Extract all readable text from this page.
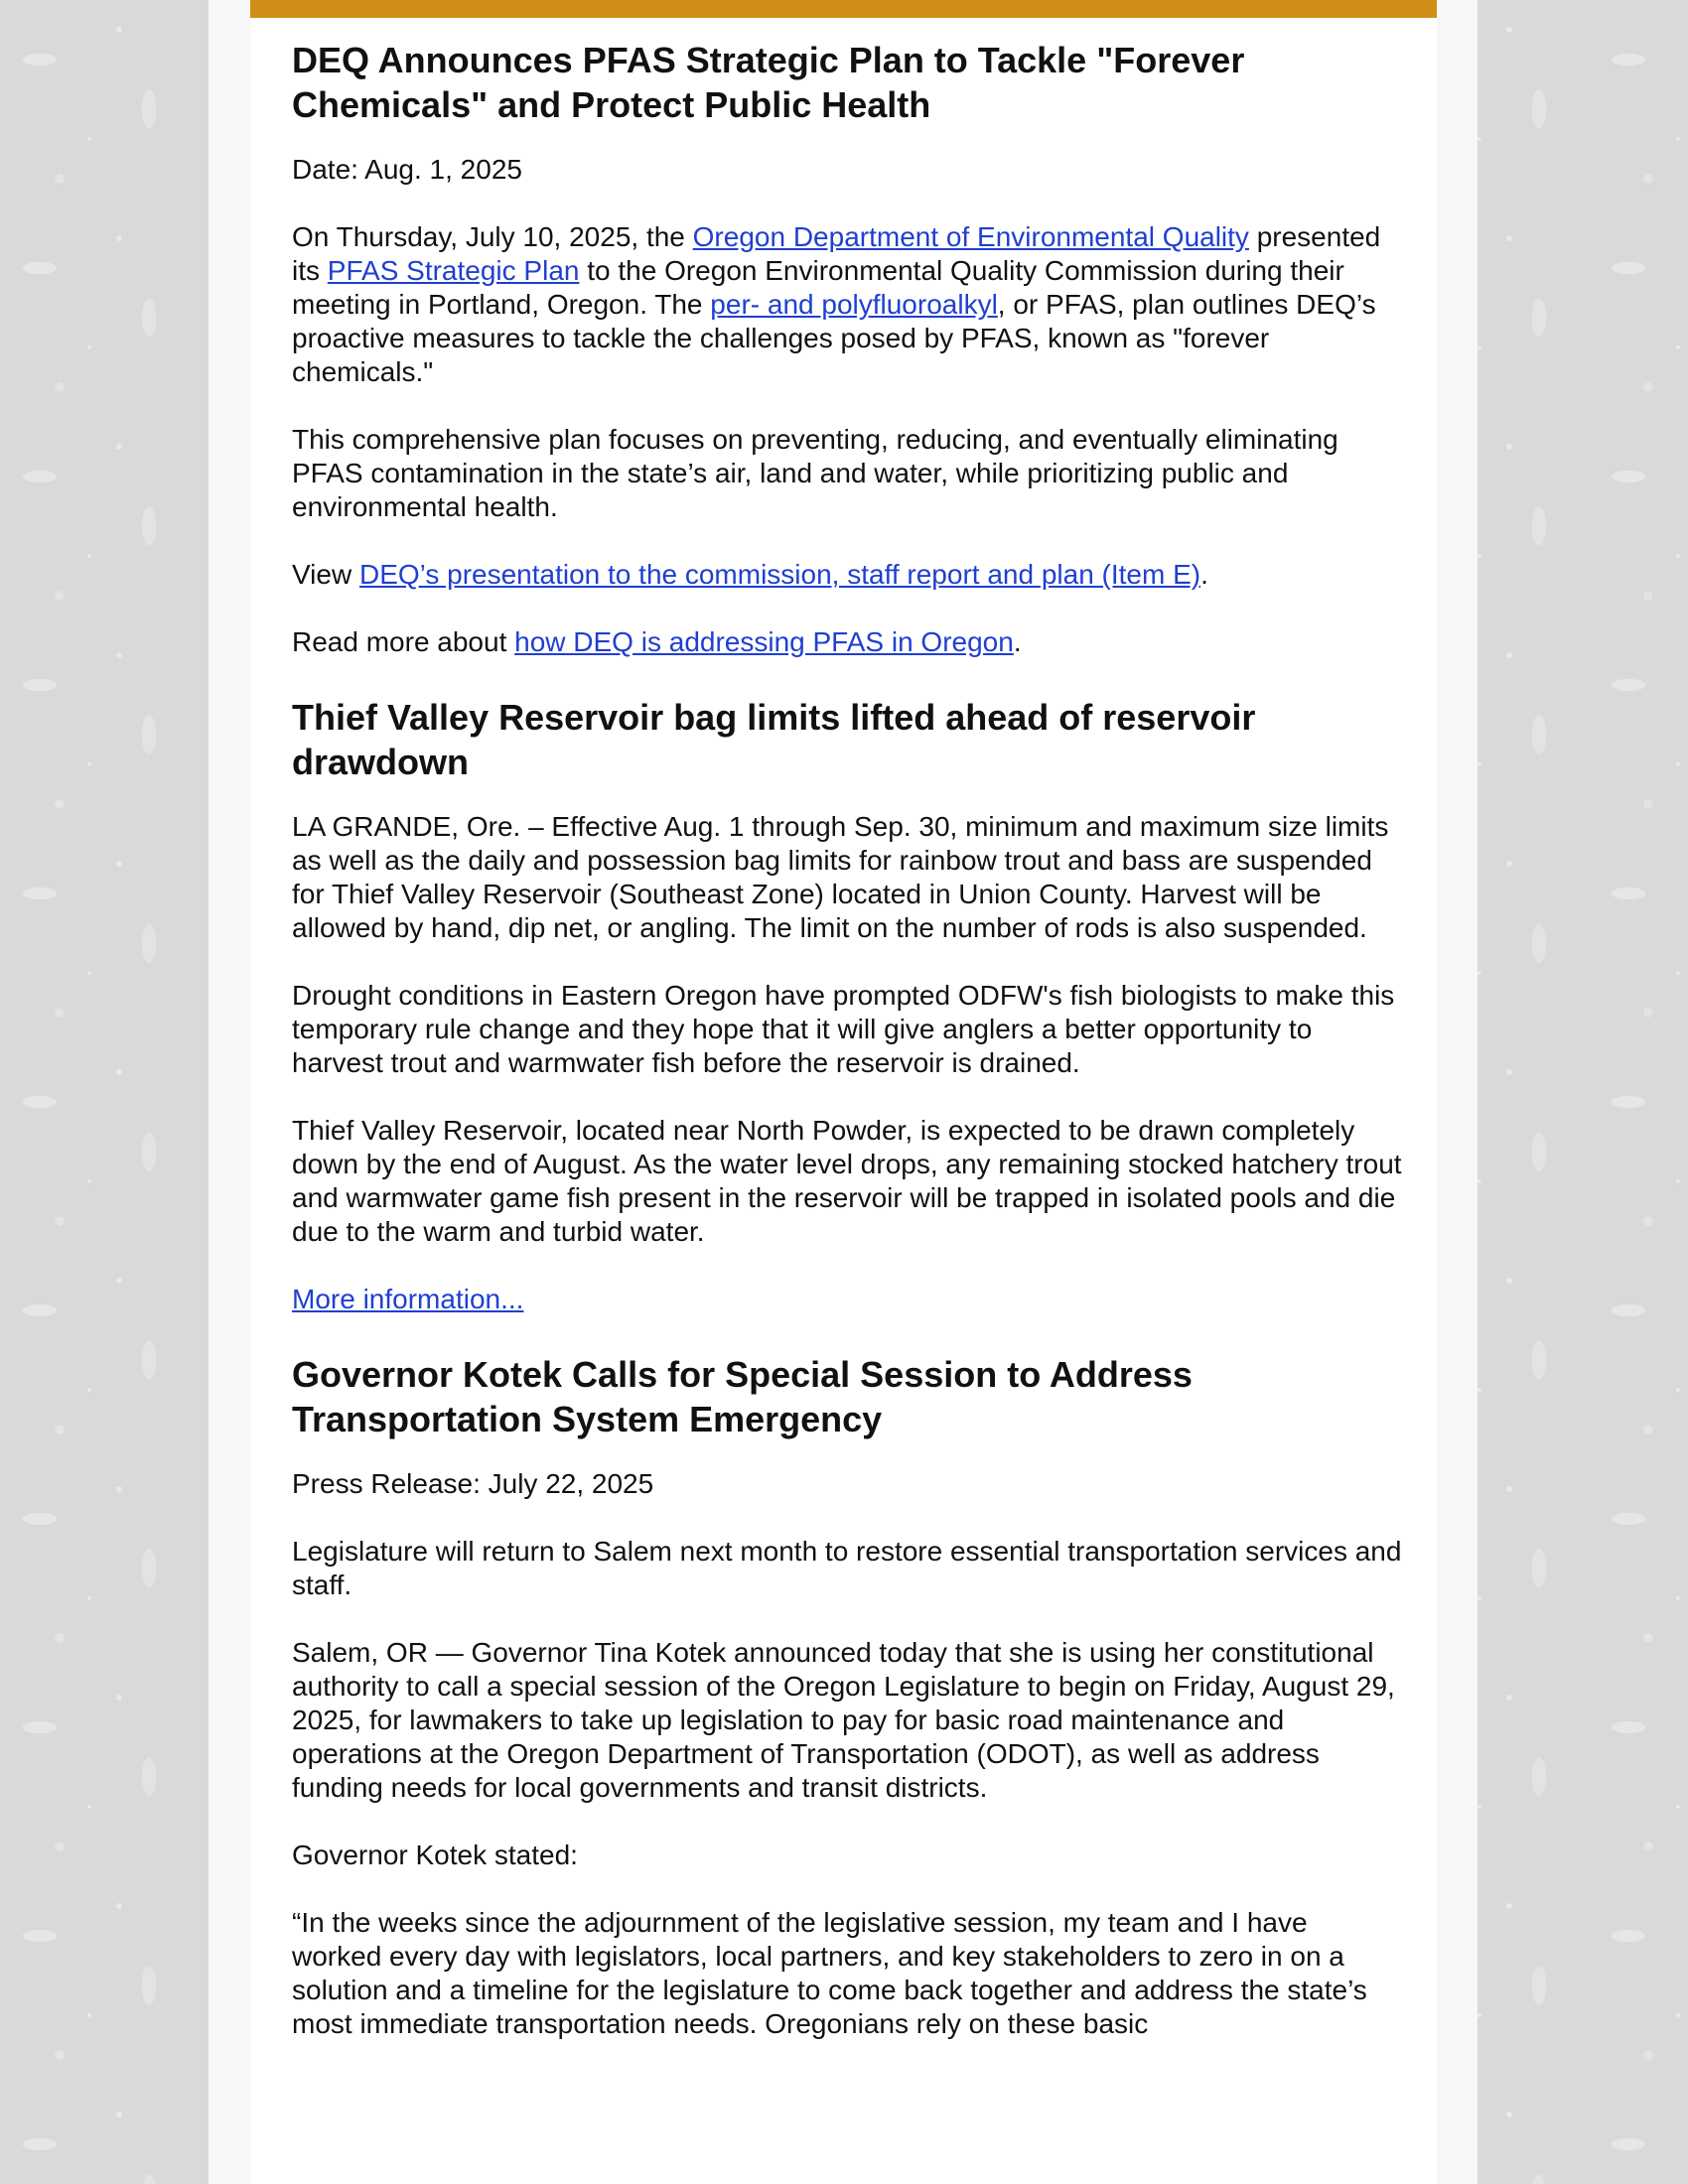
DEQ Announces PFAS Strategic Plan to Tackle "Forever Chemicals" and Protect Public Health

Date: Aug. 1, 2025

On Thursday, July 10, 2025, the Oregon Department of Environmental Quality presented its PFAS Strategic Plan to the Oregon Environmental Quality Commission during their meeting in Portland, Oregon. The per- and polyfluoroalkyl, or PFAS, plan outlines DEQ’s proactive measures to tackle the challenges posed by PFAS, known as "forever chemicals."

This comprehensive plan focuses on preventing, reducing, and eventually eliminating PFAS contamination in the state’s air, land and water, while prioritizing public and environmental health.

View DEQ’s presentation to the commission, staff report and plan (Item E).

Read more about how DEQ is addressing PFAS in Oregon.

Thief Valley Reservoir bag limits lifted ahead of reservoir drawdown

LA GRANDE, Ore. – Effective Aug. 1 through Sep. 30, minimum and maximum size limits as well as the daily and possession bag limits for rainbow trout and bass are suspended for Thief Valley Reservoir (Southeast Zone) located in Union County. Harvest will be allowed by hand, dip net, or angling. The limit on the number of rods is also suspended.

Drought conditions in Eastern Oregon have prompted ODFW's fish biologists to make this temporary rule change and they hope that it will give anglers a better opportunity to harvest trout and warmwater fish before the reservoir is drained.

Thief Valley Reservoir, located near North Powder, is expected to be drawn completely down by the end of August. As the water level drops, any remaining stocked hatchery trout and warmwater game fish present in the reservoir will be trapped in isolated pools and die due to the warm and turbid water.

More information...

Governor Kotek Calls for Special Session to Address Transportation System Emergency

Press Release: July 22, 2025

Legislature will return to Salem next month to restore essential transportation services and staff.

Salem, OR — Governor Tina Kotek announced today that she is using her constitutional authority to call a special session of the Oregon Legislature to begin on Friday, August 29, 2025, for lawmakers to take up legislation to pay for basic road maintenance and operations at the Oregon Department of Transportation (ODOT), as well as address funding needs for local governments and transit districts.

Governor Kotek stated:

“In the weeks since the adjournment of the legislative session, my team and I have worked every day with legislators, local partners, and key stakeholders to zero in on a solution and a timeline for the legislature to come back together and address the state’s most immediate transportation needs. Oregonians rely on these basic
